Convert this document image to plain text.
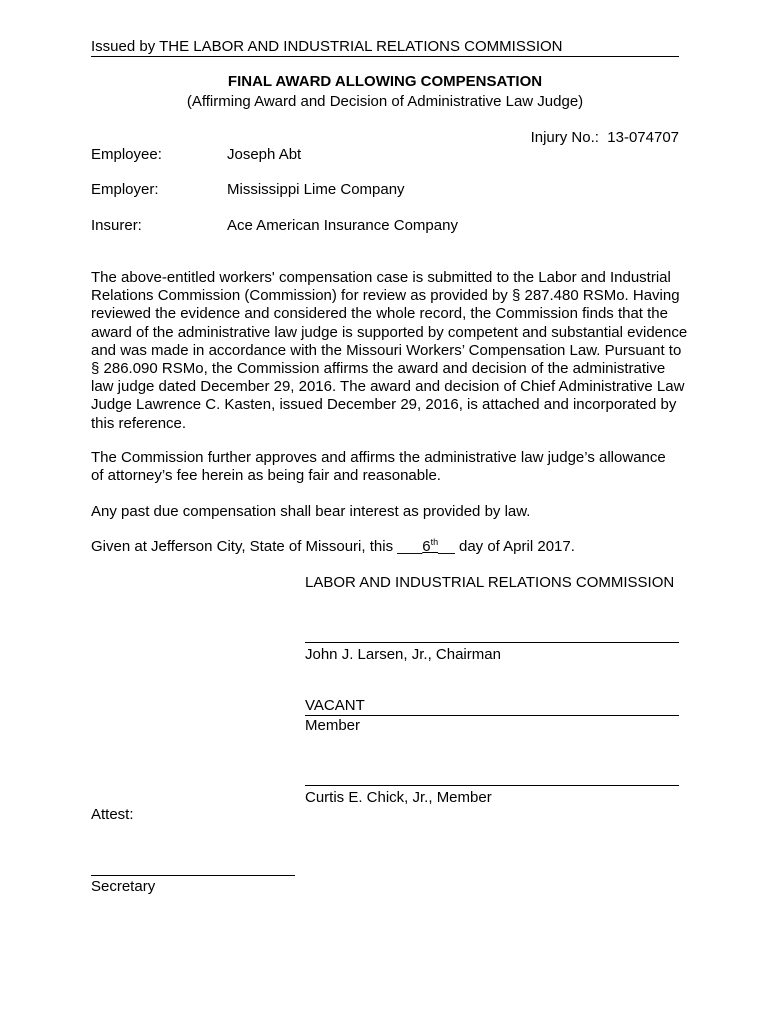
Issued by THE LABOR AND INDUSTRIAL RELATIONS COMMISSION
FINAL AWARD ALLOWING COMPENSATION
(Affirming Award and Decision of Administrative Law Judge)
Injury No.: 13-074707
Employee:	Joseph Abt
Employer:	Mississippi Lime Company
Insurer:	Ace American Insurance Company

The above-entitled workers' compensation case is submitted to the Labor and Industrial

Relations Commission (Commission) for review as provided by § 287.480 RSMo. Having

reviewed the evidence and considered the whole record, the Commission finds that the

award of the administrative law judge is supported by competent and substantial evidence

and was made in accordance with the Missouri Workers’ Compensation Law. Pursuant to

§ 286.090 RSMo, the Commission affirms the award and decision of the administrative

law judge dated December 29, 2016. The award and decision of Chief Administrative Law

Judge Lawrence C. Kasten, issued December 29, 2016, is attached and incorporated by

this reference.

The Commission further approves and affirms the administrative law judge’s allowance

of attorney’s fee herein as being fair and reasonable.

Any past due compensation shall bear interest as provided by law.
Given at Jefferson City, State of Missouri, this ___6th__ day of April 2017.
LABOR AND INDUSTRIAL RELATIONS COMMISSION
John J. Larsen, Jr., Chairman
VACANT
Member
Curtis E. Chick, Jr., Member
Attest:
Secretary
